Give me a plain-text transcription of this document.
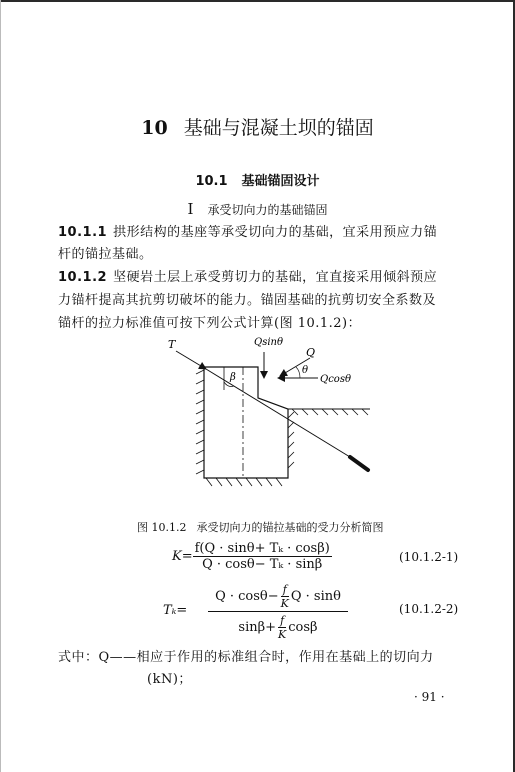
10 基础与混凝土坝的锚固
10.1 基础锚固设计
Ⅰ 承受切向力的基础锚固
10.1.1 拱形结构的基座等承受切向力的基础，宜采用预应力锚
杆的锚拉基础。
10.1.2 坚硬岩土层上承受剪切力的基础，宜直接采用倾斜预应
力锚杆提高其抗剪切破坏的能力。锚固基础的抗剪切安全系数及
锚杆的拉力标准值可按下列公式计算(图 10.1.2)：
T	Qsinθ
Q
θ
β	Qcosθ
图 10.1.2 承受切向力的锚拉基础的受力分析简图
$K= \frac{\text{f(Q · sinθ+ Tₖ · cosβ)}}{\text{Q · cosθ− Tₖ · sinβ}}$	(10.1.2-1)
$Q \cdot \cos\theta- \frac{f}{K}$ Q · sinθ
Tₖ=
$\sin\beta+ \frac{f}{K}$ cosβ
(10.1.2-2)
式中：Q——相应于作用的标准组合时，作用在基础上的切向力
(kN)；
· 91 ·
